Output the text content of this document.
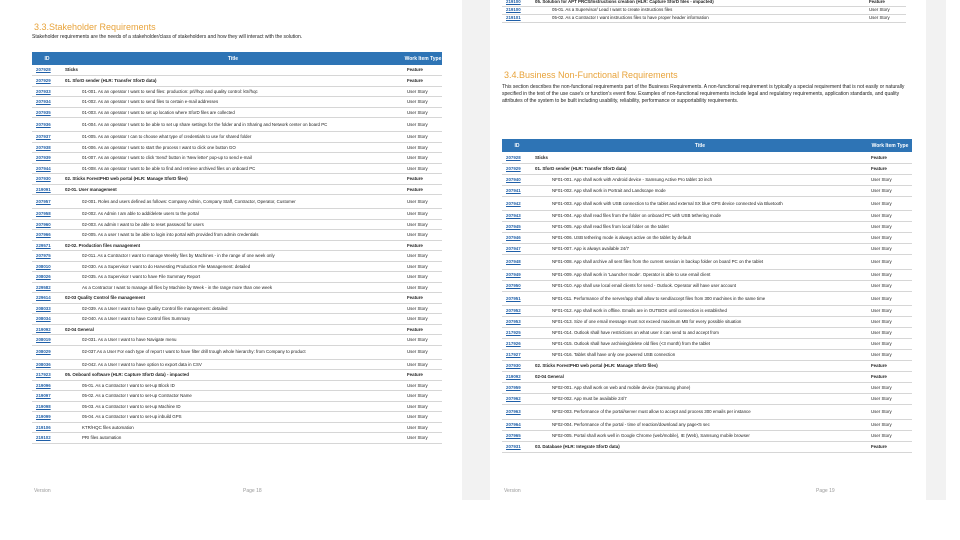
3.3.Stakeholder Requirements
Stakeholder requirements are the needs of a stakeholder/class of stakeholders and how they will interact with the solution.
ID	Title	Work Item Type
207928	Sticks	Feature
207929	01. SforD sender (HLR: Transfer SforD data)	Feature
207933	01-001. As an operator I want to send files: production: prl//hqc and quality control: ktr//hqc	User Story
207934	01-002. As an operator I want to send files to certain e-mail addresses	User Story
207935	01-003. As an operator I want to set up location where SforD files are collected	User Story
207936	01-004. As an operator I want to be able to set up share settings for the folder and in Sharing and Network center on board PC	User Story
207937	01-005. As an operator I can to choose what type of credentials to use for shared folder	User Story
207938	01-006. As an operator I want to start the process I want to click one button GO	User Story
207939	01-007. As an operator I want to click 'Send' button in 'New letter' pop-up to send e-mail	User Story
207944	01-008. As an operator I want to be able to find and retrieve archived files on onboard PC	User Story
207930	02. Sticks ForestPHD web portal (HLR: Manage SforD files)	Feature
219091	02-01. User management	Feature
207957	02-001. Roles and users defined as follows: Company Admin, Company Staff, Contractor, Operator, Customer	User Story
207958	02-002. As Admin I am able to add/delete users to the portal	User Story
207960	02-003. As admin I want to be able to reset password for users	User Story
207966	02-005. As a user I want to be able to login into portal with provided from admin credentials	User Story
229571	02-02. Production files management	Feature
207975	02-011. As a Contractor I want to manage Weekly files by Machines - in the range of one week only	User Story
208010	02-030. As a Supervisor I want to do Harvesting Production File Management: detailed	User Story
208026	02-035. As a Supervisor I want to have File Summary Report	User Story
229582	As a Contractor I want to manage all files by Machine by Week - in the range more than one week	User Story
229614	02-03 Quality Control file management	Feature
208033	02-039. As a User I want to have Quality Control file management: detailed	User Story
208034	02-040. As a User I want to have Control files Summary	User Story
219092	02-04 General	Feature
208019	02-031. As a User I want to have Navigate menu	User Story
208029	02-037.As a User For each type of report I want to have filter drill trough whole hierarchy: from Company to product	User Story
208036	02-042. As a User I want to have option to export data in CSV	User Story
217923	05. Onboard software (HLR: Capture SforD data) - impacted	Feature
219096	05-01. As a Contractor I want to set-up Block ID	User Story
219097	05-02. As a Contractor I want to set-up Contractor Name	User Story
219098	05-03. As a Contractor I want to set-up Machine ID	User Story
219099	05-04. As a Contractor I want to set-up inbuild GPS	User Story
219106	KTR/HQC files automation	User Story
219102	PRI files automation	User Story
Version	Page 18
219100	05. Solution for APT PRCS/Instructions creation (HLR: Capture SforD files - impacted)	Feature
219100	05-01. As a Supervisor/ Lead I want to create instructions files	User Story
219101	05-02. As a Contractor I want instructions files to have proper header information	User Story
3.4.Business Non-Functional Requirements
This section describes the non-functional requirements part of the Business Requirements. A non-functional requirement is typically a special requirement that is not easily or naturally specified in the text of the use case's or function's event flow. Examples of non-functional requirements include legal and regulatory requirements, application standards, and quality attributes of the system to be built including usability, reliability, performance or supportability requirements.
ID	Title	Work Item Type
207928	Sticks	Feature
207929	01. SforD sender (HLR: Transfer SforD data)	Feature
207940	NF01-001. App shall work with Android device - Samsung Active Pro tablet 10 inch	User Story
207941	NF01-002. App shall work in Portrait and Landscape mode	User Story
207942	NF01-003. App shall work with USB connection to the tablet and external SX blue GPS device connected via Bluetooth	User Story
207943	NF01-004. App shall read files from the folder on onboard PC with USB tethering mode	User Story
207945	NF01-005. App shall read files from local folder on the tablet	User Story
207946	NF01-006. USB tethering mode is always active on the tablet by default	User Story
207947	NF01-007. App is always available 24/7	User Story
207948	NF01-008. App shall archive all sent files from the current session in backup folder on board PC on the tablet	User Story
207949	NF01-009. App shall work in 'Launcher mode'. Operator is able to use email client	User Story
207950	NF01-010. App shall use local email clients for send - Outlook. Operator will have user account	User Story
207951	NF01-011. Performance of the server/app shall allow to send/accept files from 300 machines in the same time	User Story
207952	NF01-012. App shall work in offline. Emails are in OUTBOX until connection is established	User Story
207953	NF01-013. Size of one email message must not exceed maximum MB for every possible situation	User Story
217925	NF01-014. Outlook shall have restrictions on what user it can send to and accept from	User Story
217926	NF01-015. Outlook shall have archiving/delete old files (<3 month) from the tablet	User Story
217927	NF01-016. Tablet shall have only one powered USB connection	User Story
207930	02. Sticks ForestPHD web portal (HLR: Manage SforD files)	Feature
219092	02-04 General	Feature
207959	NF02-001. App shall work on web and mobile device (Samsung phone)	User Story
207962	NF02-002. App must be available 24/7	User Story
207963	NF02-003. Performance of the portal/server must allow to accept and process 300 emails per instance	User Story
207964	NF02-004. Performance of the portal - time of reaction/download any page<5 sec	User Story
207965	NF02-005. Portal shall work well in Google Chrome (web/mobile), IE (Web), Samsung mobile browser	User Story
207931	03. Database (HLR: Integrate SforD data)	Feature
Version	Page 19
